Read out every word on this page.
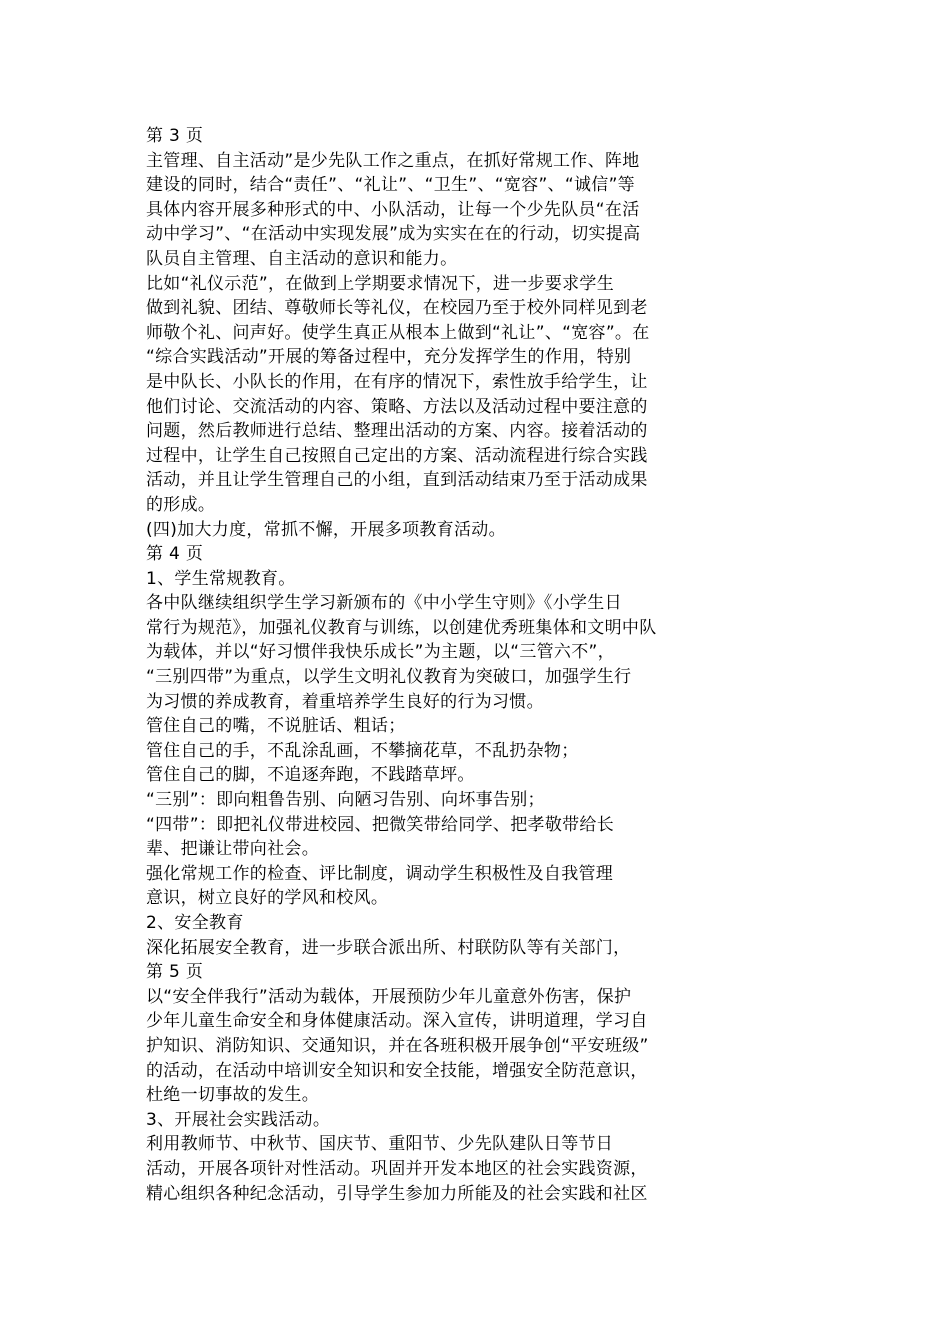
第 3 页
主管理、自主活动”是少先队工作之重点，在抓好常规工作、阵地
建设的同时，结合“责任”、“礼让”、“卫生”、“宽容”、“诚信”等
具体内容开展多种形式的中、小队活动，让每一个少先队员“在活
动中学习”、“在活动中实现发展”成为实实在在的行动，切实提高
队员自主管理、自主活动的意识和能力。
比如“礼仪示范”，在做到上学期要求情况下，进一步要求学生
做到礼貌、团结、尊敬师长等礼仪，在校园乃至于校外同样见到老
师敬个礼、问声好。使学生真正从根本上做到“礼让”、“宽容”。在
“综合实践活动”开展的筹备过程中，充分发挥学生的作用，特别
是中队长、小队长的作用，在有序的情况下，索性放手给学生，让
他们讨论、交流活动的内容、策略、方法以及活动过程中要注意的
问题，然后教师进行总结、整理出活动的方案、内容。接着活动的
过程中，让学生自己按照自己定出的方案、活动流程进行综合实践
活动，并且让学生管理自己的小组，直到活动结束乃至于活动成果
的形成。
(四)加大力度，常抓不懈，开展多项教育活动。
第 4 页
1、学生常规教育。
各中队继续组织学生学习新颁布的《中小学生守则》《小学生日
常行为规范》，加强礼仪教育与训练，以创建优秀班集体和文明中队
为载体，并以“好习惯伴我快乐成长”为主题，以“三管六不”，
“三别四带”为重点，以学生文明礼仪教育为突破口，加强学生行
为习惯的养成教育，着重培养学生良好的行为习惯。
管住自己的嘴，不说脏话、粗话；
管住自己的手，不乱涂乱画，不攀摘花草，不乱扔杂物；
管住自己的脚，不追逐奔跑，不践踏草坪。
“三别”：即向粗鲁告别、向陋习告别、向坏事告别；
“四带”：即把礼仪带进校园、把微笑带给同学、把孝敬带给长
辈、把谦让带向社会。
强化常规工作的检查、评比制度，调动学生积极性及自我管理
意识，树立良好的学风和校风。
2、安全教育
深化拓展安全教育，进一步联合派出所、村联防队等有关部门，
第 5 页
以“安全伴我行”活动为载体，开展预防少年儿童意外伤害，保护
少年儿童生命安全和身体健康活动。深入宣传，讲明道理，学习自
护知识、消防知识、交通知识，并在各班积极开展争创“平安班级”
的活动，在活动中培训安全知识和安全技能，增强安全防范意识，
杜绝一切事故的发生。
3、开展社会实践活动。
利用教师节、中秋节、国庆节、重阳节、少先队建队日等节日
活动，开展各项针对性活动。巩固并开发本地区的社会实践资源，
精心组织各种纪念活动，引导学生参加力所能及的社会实践和社区
